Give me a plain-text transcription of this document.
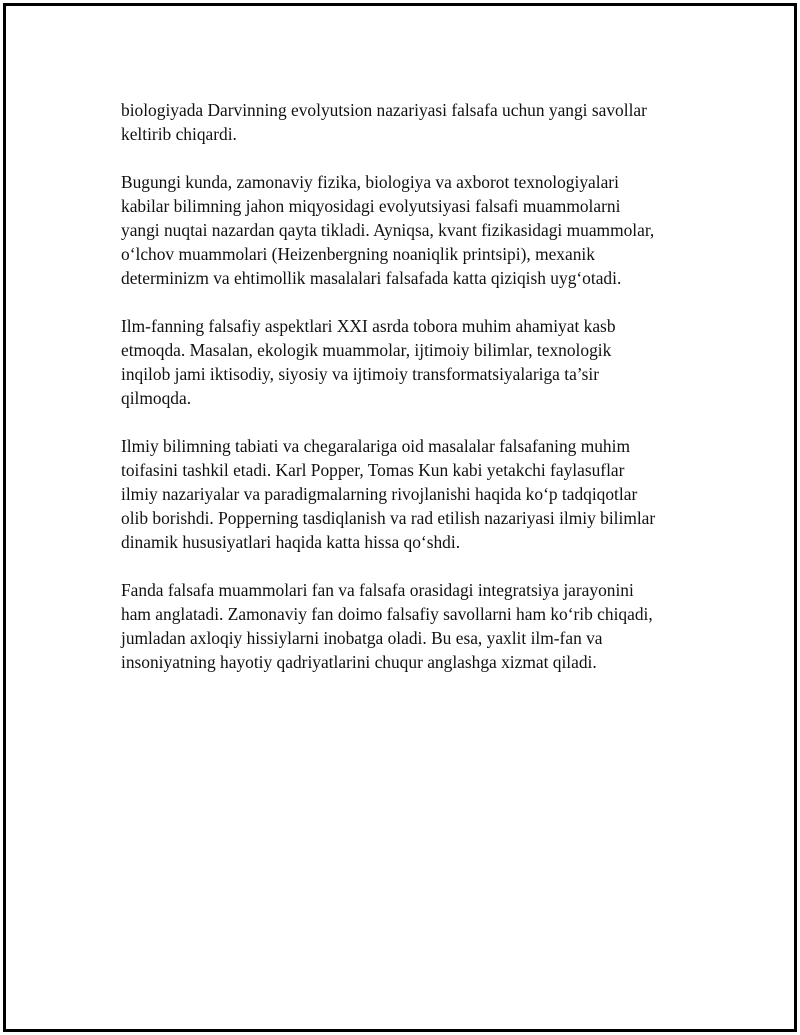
biologiyada Darvinning evolyutsion nazariyasi falsafa uchun yangi savollar
keltirib chiqardi.

Bugungi kunda, zamonaviy fizika, biologiya va axborot texnologiyalari
kabilar bilimning jahon miqyosidagi evolyutsiyasi falsafi muammolarni
yangi nuqtai nazardan qayta tikladi. Ayniqsa, kvant fizikasidagi muammolar,
o‘lchov muammolari (Heizenbergning noaniqlik printsipi), mexanik
determinizm va ehtimollik masalalari falsafada katta qiziqish uyg‘otadi.

Ilm-fanning falsafiy aspektlari XXI asrda tobora muhim ahamiyat kasb
etmoqda. Masalan, ekologik muammolar, ijtimoiy bilimlar, texnologik
inqilob jami iktisodiy, siyosiy va ijtimoiy transformatsiyalariga ta’sir
qilmoqda.

Ilmiy bilimning tabiati va chegaralariga oid masalalar falsafaning muhim
toifasini tashkil etadi. Karl Popper, Tomas Kun kabi yetakchi faylasuflar
ilmiy nazariyalar va paradigmalarning rivojlanishi haqida ko‘p tadqiqotlar
olib borishdi. Popperning tasdiqlanish va rad etilish nazariyasi ilmiy bilimlar
dinamik hususiyatlari haqida katta hissa qo‘shdi.

Fanda falsafa muammolari fan va falsafa orasidagi integratsiya jarayonini
ham anglatadi. Zamonaviy fan doimo falsafiy savollarni ham ko‘rib chiqadi,
jumladan axloqiy hissiylarni inobatga oladi. Bu esa, yaxlit ilm-fan va
insoniyatning hayotiy qadriyatlarini chuqur anglashga xizmat qiladi.
